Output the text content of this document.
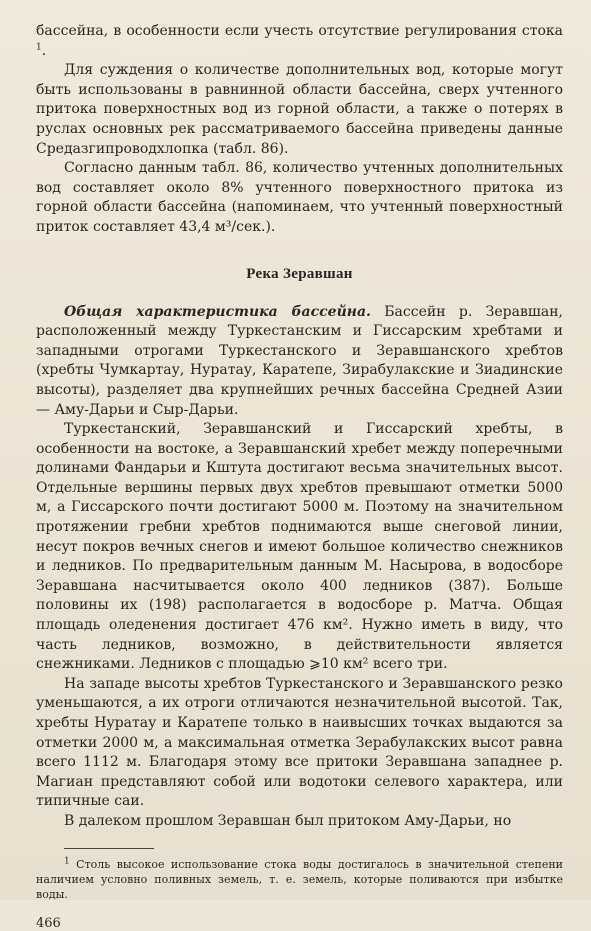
бассейна, в особенности если учесть отсутствие регулирования стока $^1$.

Для суждения о количестве дополнительных вод, которые могут быть использованы в равнинной области бассейна, сверх учтенного притока поверхностных вод из горной области, а также о потерях в руслах основных рек рассматриваемого бассейна приведены данные Средазгипроводхлопка (табл. 86).

Согласно данным табл. 86, количество учтенных дополнительных вод составляет около 8% учтенного поверхностного притока из горной области бассейна (напоминаем, что учтенный поверхностный приток составляет 43,4 м³/сек.).

Река Зеравшан

Общая характеристика бассейна. Бассейн р. Зеравшан, расположенный между Туркестанским и Гиссарским хребтами и западными отрогами Туркестанского и Зеравшанского хребтов (хребты Чумкартау, Нуратау, Каратепе, Зирабулакские и Зиадинские высоты), разделяет два крупнейших речных бассейна Средней Азии — Аму-Дарьи и Сыр-Дарьи.

Туркестанский, Зеравшанский и Гиссарский хребты, в особенности на востоке, а Зеравшанский хребет между поперечными долинами Фандарьи и Кштута достигают весьма значительных высот. Отдельные вершины первых двух хребтов превышают отметки 5000 м, а Гиссарского почти достигают 5000 м. Поэтому на значительном протяжении гребни хребтов поднимаются выше снеговой линии, несут покров вечных снегов и имеют большое количество снежников и ледников. По предварительным данным М. Насырова, в водосборе Зеравшана насчитывается около 400 ледников (387). Больше половины их (198) располагается в водосборе р. Матча. Общая площадь оледенения достигает 476 км². Нужно иметь в виду, что часть ледников, возможно, в действительности является снежниками. Ледников с площадью ⩾10 км² всего три.

На западе высоты хребтов Туркестанского и Зеравшанского резко уменьшаются, а их отроги отличаются незначительной высотой. Так, хребты Нуратау и Каратепе только в наивысших точках выдаются за отметки 2000 м, а максимальная отметка Зерабулакских высот равна всего 1112 м. Благодаря этому все притоки Зеравшана западнее р. Магиан представляют собой или водотоки селевого характера, или типичные саи.

В далеком прошлом Зеравшан был притоком Аму-Дарьи, но

$^1$ Столь высокое использование стока воды достигалось в значительной степени наличием условно поливных земель, т. е. земель, которые поливаются при избытке воды.

466
